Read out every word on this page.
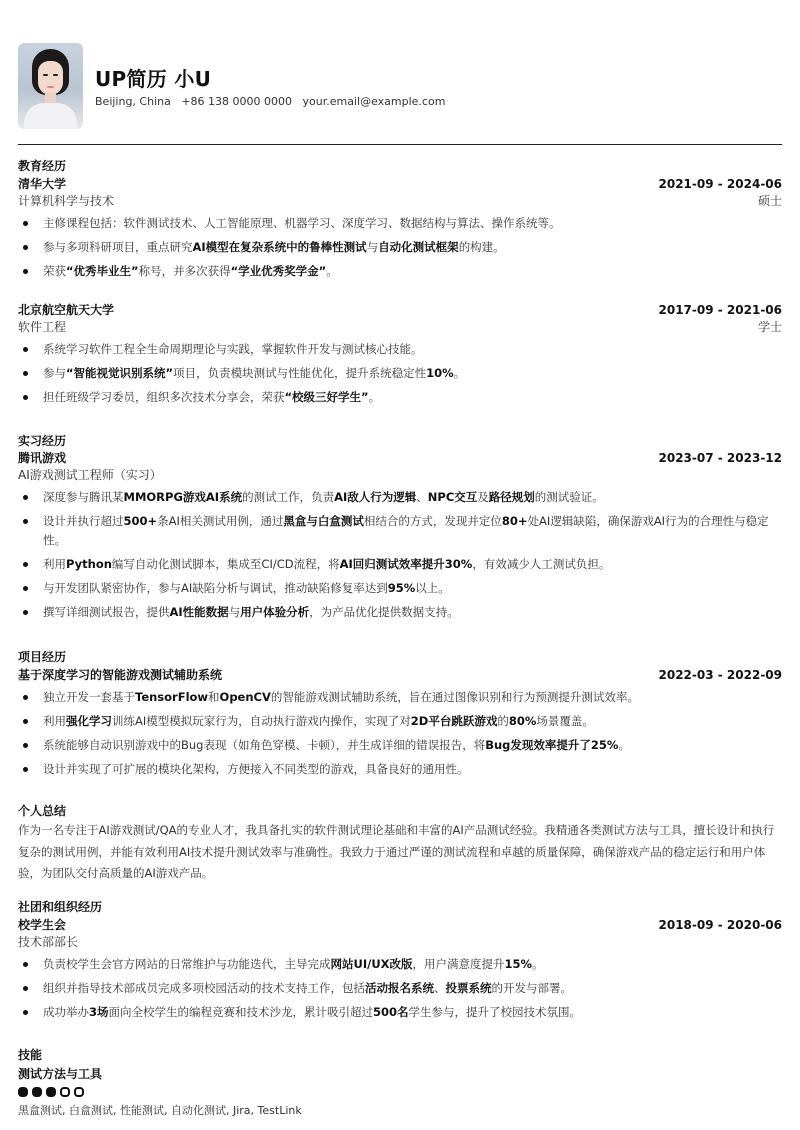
UP简历 小U
Beijing, China   +86 138 0000 0000   your.email@example.com
教育经历
清华大学	2021-09 - 2024-06
计算机科学与技术	硕士
主修课程包括：软件测试技术、人工智能原理、机器学习、深度学习、数据结构与算法、操作系统等。
参与多项科研项目，重点研究AI模型在复杂系统中的鲁棒性测试与自动化测试框架的构建。
荣获“优秀毕业生”称号，并多次获得“学业优秀奖学金”。
北京航空航天大学	2017-09 - 2021-06
软件工程	学士
系统学习软件工程全生命周期理论与实践，掌握软件开发与测试核心技能。
参与“智能视觉识别系统”项目，负责模块测试与性能优化，提升系统稳定性10%。
担任班级学习委员，组织多次技术分享会，荣获“校级三好学生”。
实习经历
腾讯游戏	2023-07 - 2023-12
AI游戏测试工程师（实习）
深度参与腾讯某MMORPG游戏AI系统的测试工作，负责AI敌人行为逻辑、NPC交互及路径规划的测试验证。
设计并执行超过500+条AI相关测试用例，通过黑盒与白盒测试相结合的方式，发现并定位80+处AI逻辑缺陷，确保游戏AI行为的合理性与稳定性。
利用Python编写自动化测试脚本，集成至CI/CD流程，将AI回归测试效率提升30%，有效减少人工测试负担。
与开发团队紧密协作，参与AI缺陷分析与调试，推动缺陷修复率达到95%以上。
撰写详细测试报告，提供AI性能数据与用户体验分析，为产品优化提供数据支持。
项目经历
基于深度学习的智能游戏测试辅助系统	2022-03 - 2022-09
独立开发一套基于TensorFlow和OpenCV的智能游戏测试辅助系统，旨在通过图像识别和行为预测提升测试效率。
利用强化学习训练AI模型模拟玩家行为，自动执行游戏内操作，实现了对2D平台跳跃游戏的80%场景覆盖。
系统能够自动识别游戏中的Bug表现（如角色穿模、卡顿），并生成详细的错误报告，将Bug发现效率提升了25%。
设计并实现了可扩展的模块化架构，方便接入不同类型的游戏，具备良好的通用性。
个人总结
作为一名专注于AI游戏测试/QA的专业人才，我具备扎实的软件测试理论基础和丰富的AI产品测试经验。我精通各类测试方法与工具，擅长设计和执行复杂的测试用例，并能有效利用AI技术提升测试效率与准确性。我致力于通过严谨的测试流程和卓越的质量保障，确保游戏产品的稳定运行和用户体验，为团队交付高质量的AI游戏产品。
社团和组织经历
校学生会	2018-09 - 2020-06
技术部部长
负责校学生会官方网站的日常维护与功能迭代，主导完成网站UI/UX改版，用户满意度提升15%。
组织并指导技术部成员完成多项校园活动的技术支持工作，包括活动报名系统、投票系统的开发与部署。
成功举办3场面向全校学生的编程竞赛和技术沙龙，累计吸引超过500名学生参与，提升了校园技术氛围。
技能
测试方法与工具
黑盒测试, 白盒测试, 性能测试, 自动化测试, Jira, TestLink
